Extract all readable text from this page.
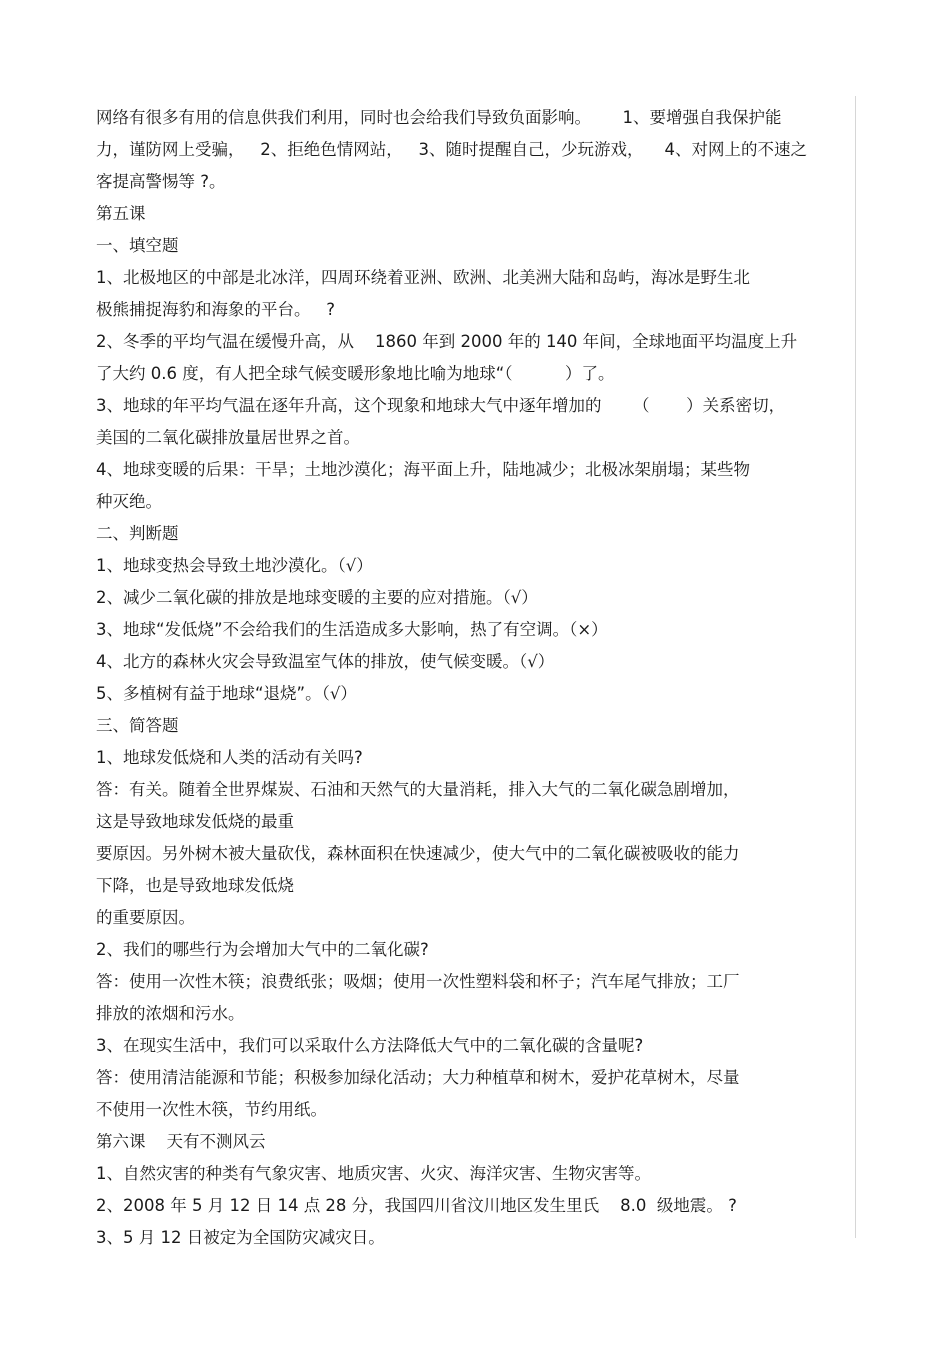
网络有很多有用的信息供我们利用，同时也会给我们导致负面影响。      1、要增强自我保护能
力，谨防网上受骗，   2、拒绝色情网站，   3、随时提醒自己，少玩游戏，    4、对网上的不速之
客提高警惕等 ?。
第五课
一、填空题
1、北极地区的中部是北冰洋，四周环绕着亚洲、欧洲、北美洲大陆和岛屿，海冰是野生北
极熊捕捉海豹和海象的平台。   ?
2、冬季的平均气温在缓慢升高，从    1860 年到 2000 年的 140 年间，全球地面平均温度上升
了大约 0.6 度，有人把全球气候变暖形象地比喻为地球“（          ）了。
3、地球的年平均气温在逐年升高，这个现象和地球大气中逐年增加的      （       ）关系密切，
美国的二氧化碳排放量居世界之首。
4、地球变暖的后果：干旱；土地沙漠化；海平面上升，陆地减少；北极冰架崩塌；某些物
种灭绝。
二、判断题
1、地球变热会导致土地沙漠化。（√）
2、减少二氧化碳的排放是地球变暖的主要的应对措施。（√）
3、地球“发低烧”不会给我们的生活造成多大影响，热了有空调。（×）
4、北方的森林火灾会导致温室气体的排放，使气候变暖。（√）
5、多植树有益于地球“退烧”。（√）
三、简答题
1、地球发低烧和人类的活动有关吗?
答：有关。随着全世界煤炭、石油和天然气的大量消耗，排入大气的二氧化碳急剧增加，
这是导致地球发低烧的最重
要原因。另外树木被大量砍伐，森林面积在快速减少，使大气中的二氧化碳被吸收的能力
下降，也是导致地球发低烧
的重要原因。
2、我们的哪些行为会增加大气中的二氧化碳?
答：使用一次性木筷；浪费纸张；吸烟；使用一次性塑料袋和杯子；汽车尾气排放；工厂
排放的浓烟和污水。
3、在现实生活中，我们可以采取什么方法降低大气中的二氧化碳的含量呢?
答：使用清洁能源和节能；积极参加绿化活动；大力种植草和树木，爱护花草树木，尽量
不使用一次性木筷，节约用纸。
第六课    天有不测风云
1、自然灾害的种类有气象灾害、地质灾害、火灾、海洋灾害、生物灾害等。
2、2008 年 5 月 12 日 14 点 28 分，我国四川省汶川地区发生里氏    8.0  级地震。 ?
3、5 月 12 日被定为全国防灾减灾日。
